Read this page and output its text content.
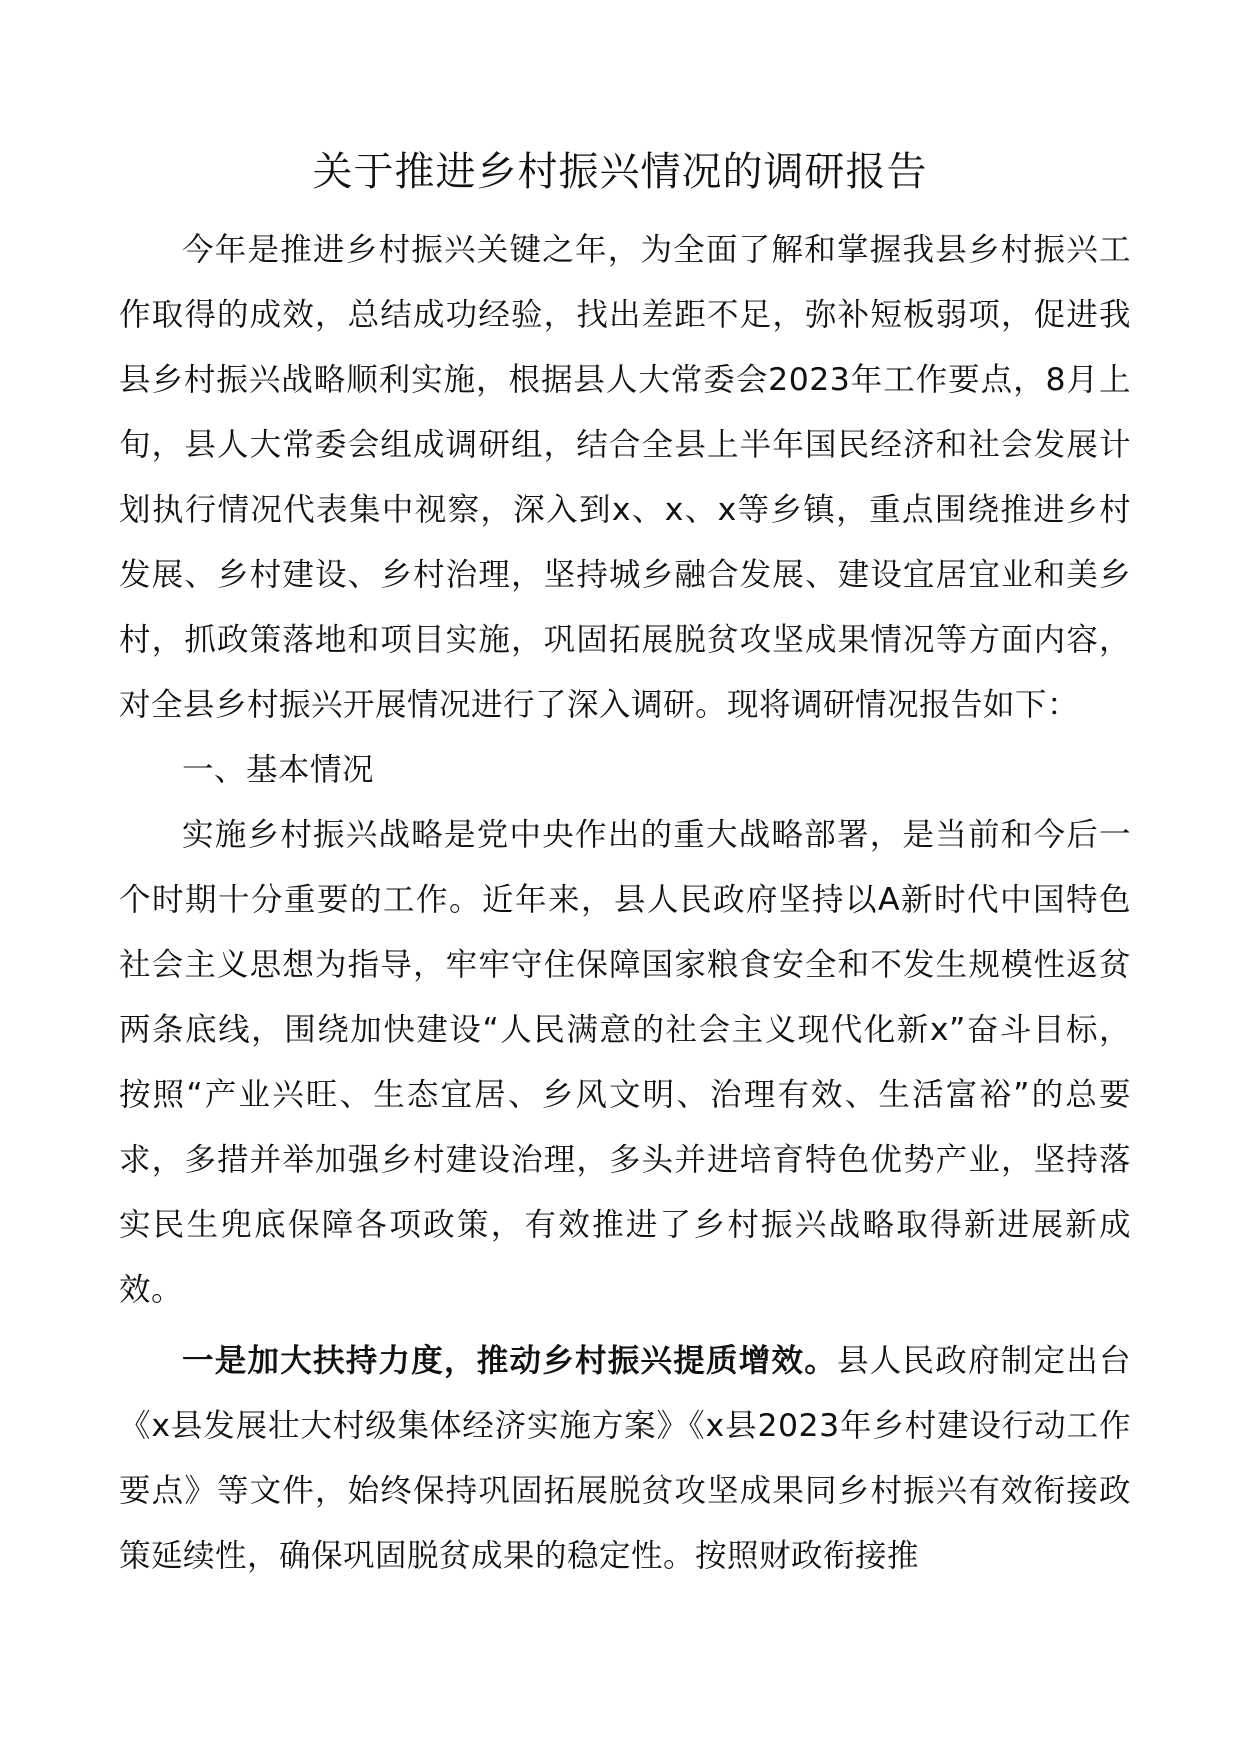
关于推进乡村振兴情况的调研报告

今年是推进乡村振兴关键之年，为全面了解和掌握我县乡村振兴工作取得的成效，总结成功经验，找出差距不足，弥补短板弱项，促进我县乡村振兴战略顺利实施，根据县人大常委会2023年工作要点，8月上旬，县人大常委会组成调研组，结合全县上半年国民经济和社会发展计划执行情况代表集中视察，深入到x、x、x等乡镇，重点围绕推进乡村发展、乡村建设、乡村治理，坚持城乡融合发展、建设宜居宜业和美乡村，抓政策落地和项目实施，巩固拓展脱贫攻坚成果情况等方面内容，对全县乡村振兴开展情况进行了深入调研。现将调研情况报告如下：

一、基本情况

实施乡村振兴战略是党中央作出的重大战略部署，是当前和今后一个时期十分重要的工作。近年来，县人民政府坚持以A新时代中国特色社会主义思想为指导，牢牢守住保障国家粮食安全和不发生规模性返贫两条底线，围绕加快建设“人民满意的社会主义现代化新x”奋斗目标，按照“产业兴旺、生态宜居、乡风文明、治理有效、生活富裕”的总要求，多措并举加强乡村建设治理，多头并进培育特色优势产业，坚持落实民生兜底保障各项政策，有效推进了乡村振兴战略取得新进展新成效。

一是加大扶持力度，推动乡村振兴提质增效。县人民政府制定出台《x县发展壮大村级集体经济实施方案》《x县2023年乡村建设行动工作要点》等文件，始终保持巩固拓展脱贫攻坚成果同乡村振兴有效衔接政策延续性，确保巩固脱贫成果的稳定性。按照财政衔接推
